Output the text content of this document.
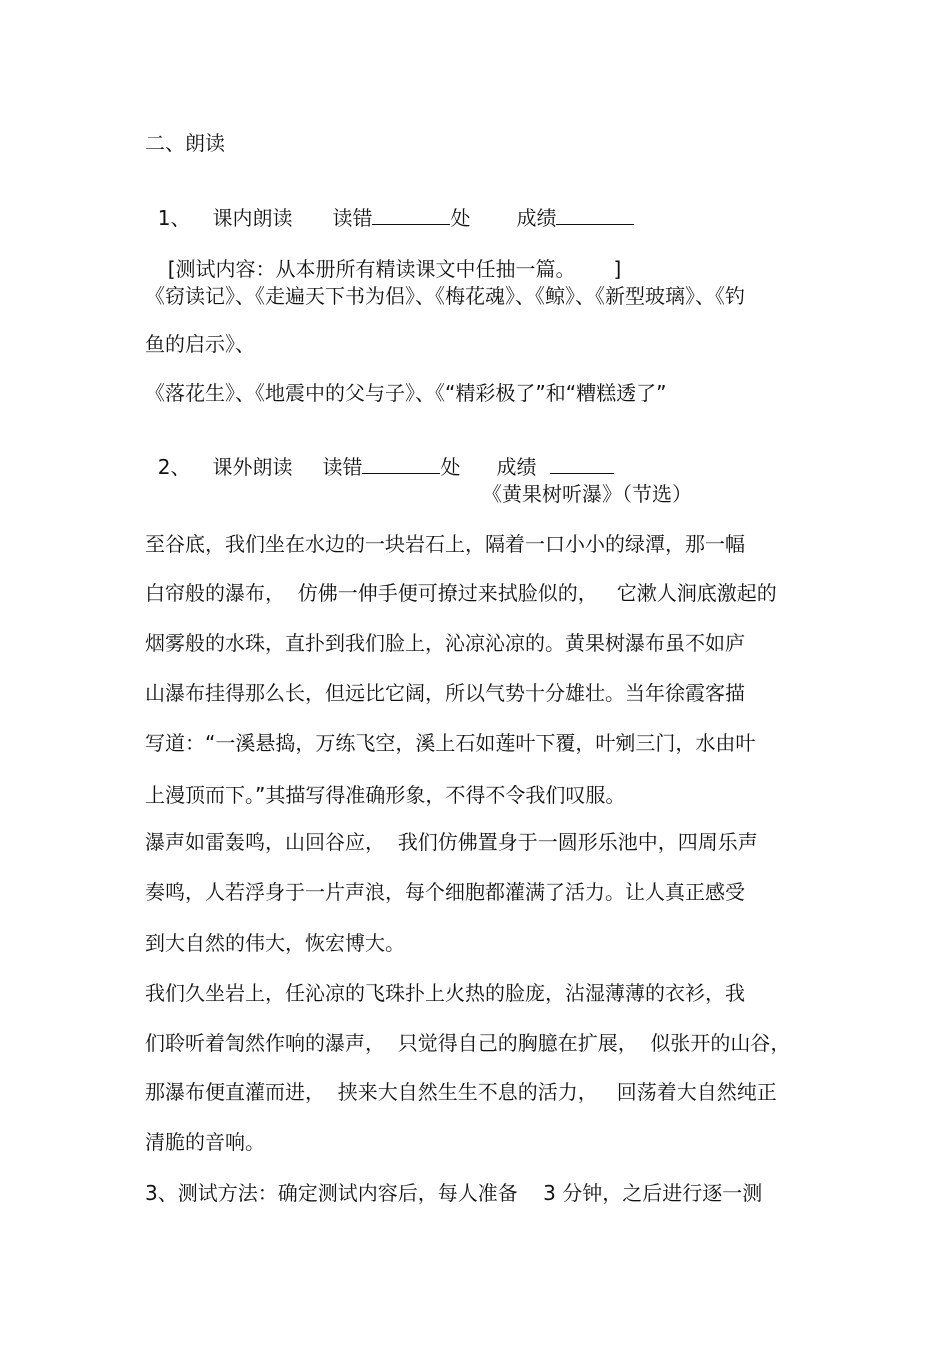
二、朗读

1、 课内朗读 读错	处 成绩

[测试内容：从本册所有精读课文中任抽一篇。 ]

《窃读记》、《走遍天下书为侣》、《梅花魂》、《鲸》、《新型玻璃》、《钓
鱼的启示》、
《落花生》、《地震中的父与子》、《“精彩极了”和“糟糕透了”

2、 课外朗读 读错	处 成绩

《黄果树听瀑》（节选）
至谷底，我们坐在水边的一块岩石上，隔着一口小小的绿潭，那一幅
白帘般的瀑布，  仿佛一伸手便可撩过来拭脸似的，   它漱人涧底激起的
烟雾般的水珠，直扑到我们脸上，沁凉沁凉的。黄果树瀑布虽不如庐
山瀑布挂得那么长，但远比它阔，所以气势十分雄壮。当年徐霞客描
写道：“一溪悬捣，万练飞空，溪上石如莲叶下覆，叶剜三门，水由叶
上漫顶而下。”其描写得准确形象，不得不令我们叹服。
瀑声如雷轰鸣，山回谷应，  我们仿佛置身于一圆形乐池中，四周乐声
奏鸣，人若浮身于一片声浪，每个细胞都灌满了活力。让人真正感受
到大自然的伟大，恢宏博大。
我们久坐岩上，任沁凉的飞珠扑上火热的脸庞，沾湿薄薄的衣衫，我
们聆听着訇然作响的瀑声，  只觉得自己的胸臆在扩展，  似张开的山谷，
那瀑布便直灌而进，  挟来大自然生生不息的活力，   回荡着大自然纯正
清脆的音响。
3、测试方法：确定测试内容后，每人准备    3 分钟，之后进行逐一测
